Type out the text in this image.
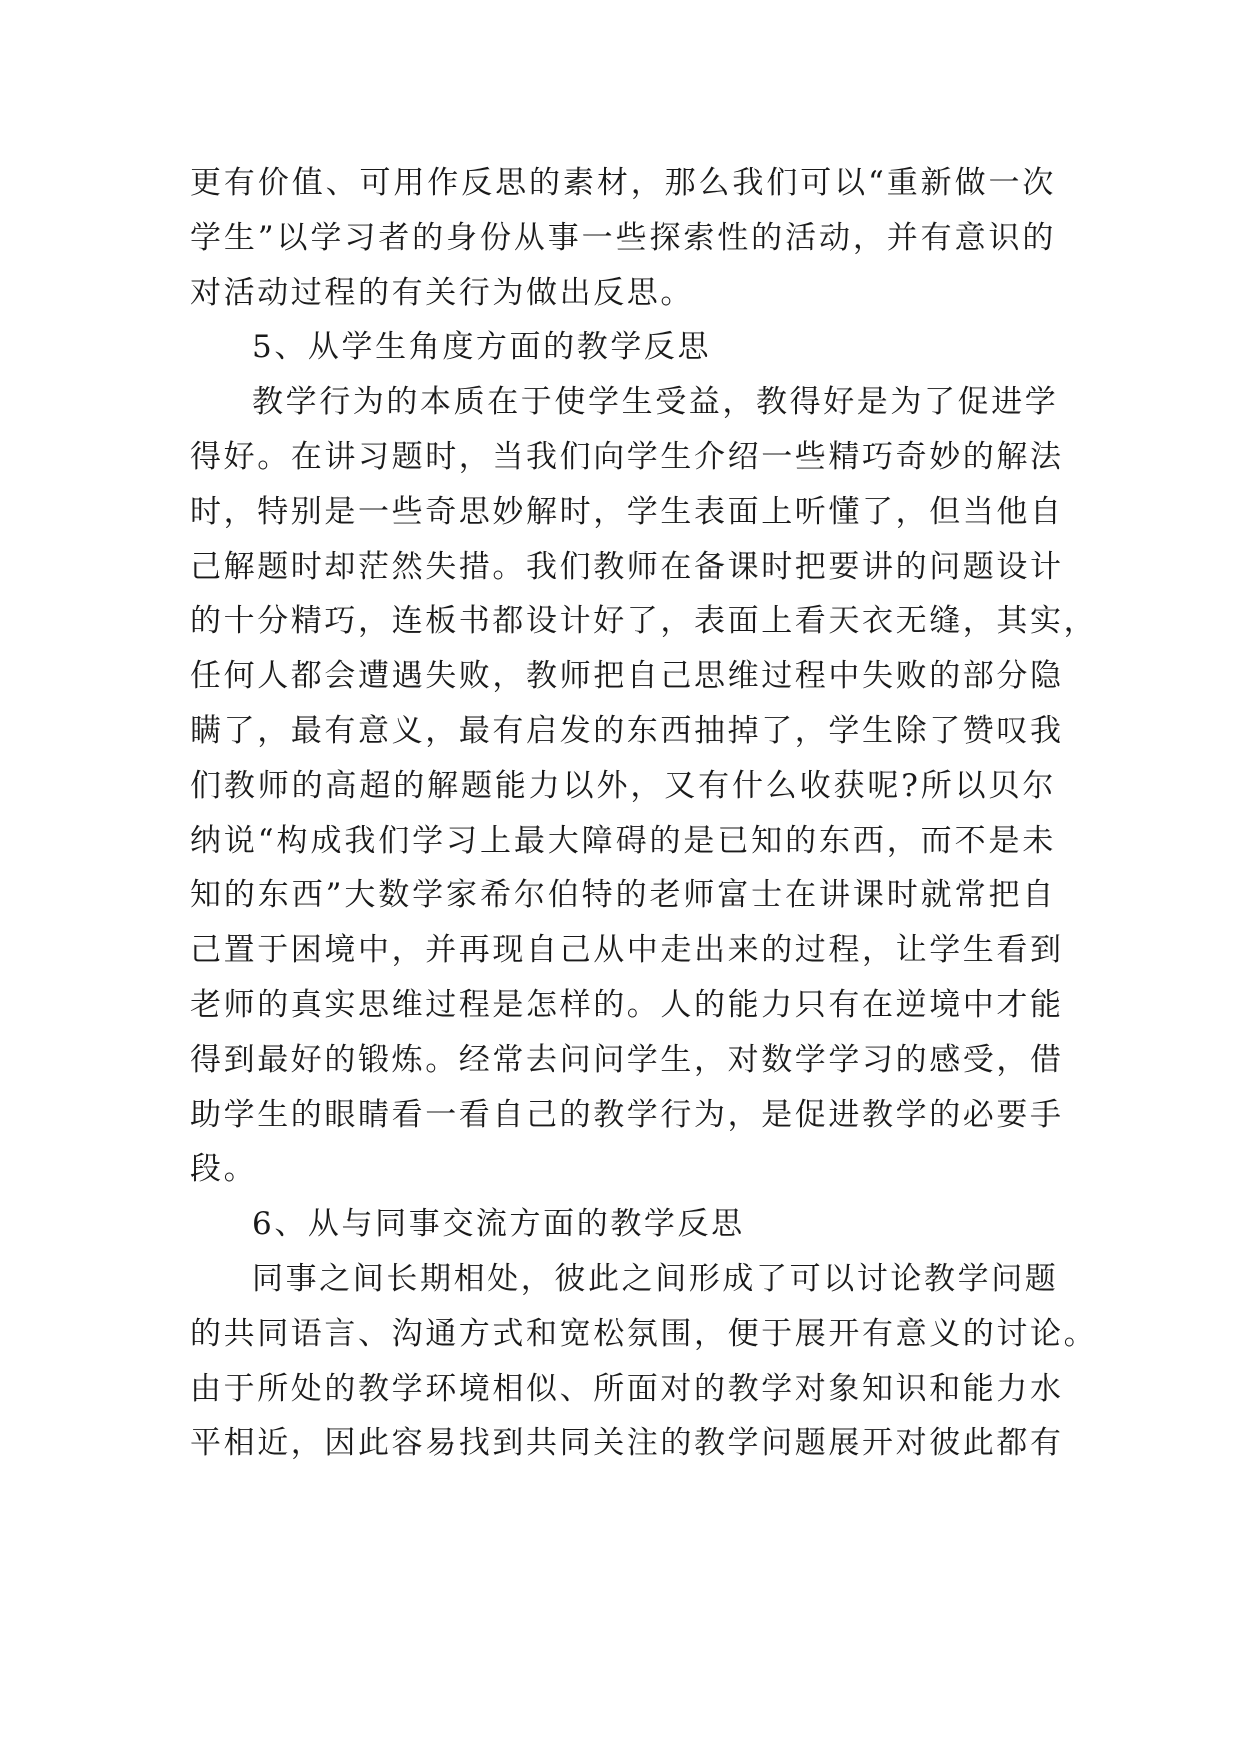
更有价值、可用作反思的素材，那么我们可以“重新做一次
学生”以学习者的身份从事一些探索性的活动，并有意识的
对活动过程的有关行为做出反思。
5、从学生角度方面的教学反思
教学行为的本质在于使学生受益，教得好是为了促进学
得好。在讲习题时，当我们向学生介绍一些精巧奇妙的解法
时，特别是一些奇思妙解时，学生表面上听懂了，但当他自
己解题时却茫然失措。我们教师在备课时把要讲的问题设计
的十分精巧，连板书都设计好了，表面上看天衣无缝，其实，
任何人都会遭遇失败，教师把自己思维过程中失败的部分隐
瞒了，最有意义，最有启发的东西抽掉了，学生除了赞叹我
们教师的高超的解题能力以外，又有什么收获呢?所以贝尔
纳说“构成我们学习上最大障碍的是已知的东西，而不是未
知的东西”大数学家希尔伯特的老师富士在讲课时就常把自
己置于困境中，并再现自己从中走出来的过程，让学生看到
老师的真实思维过程是怎样的。人的能力只有在逆境中才能
得到最好的锻炼。经常去问问学生，对数学学习的感受，借
助学生的眼睛看一看自己的教学行为，是促进教学的必要手
段。
6、从与同事交流方面的教学反思
同事之间长期相处，彼此之间形成了可以讨论教学问题
的共同语言、沟通方式和宽松氛围，便于展开有意义的讨论。
由于所处的教学环境相似、所面对的教学对象知识和能力水
平相近，因此容易找到共同关注的教学问题展开对彼此都有
